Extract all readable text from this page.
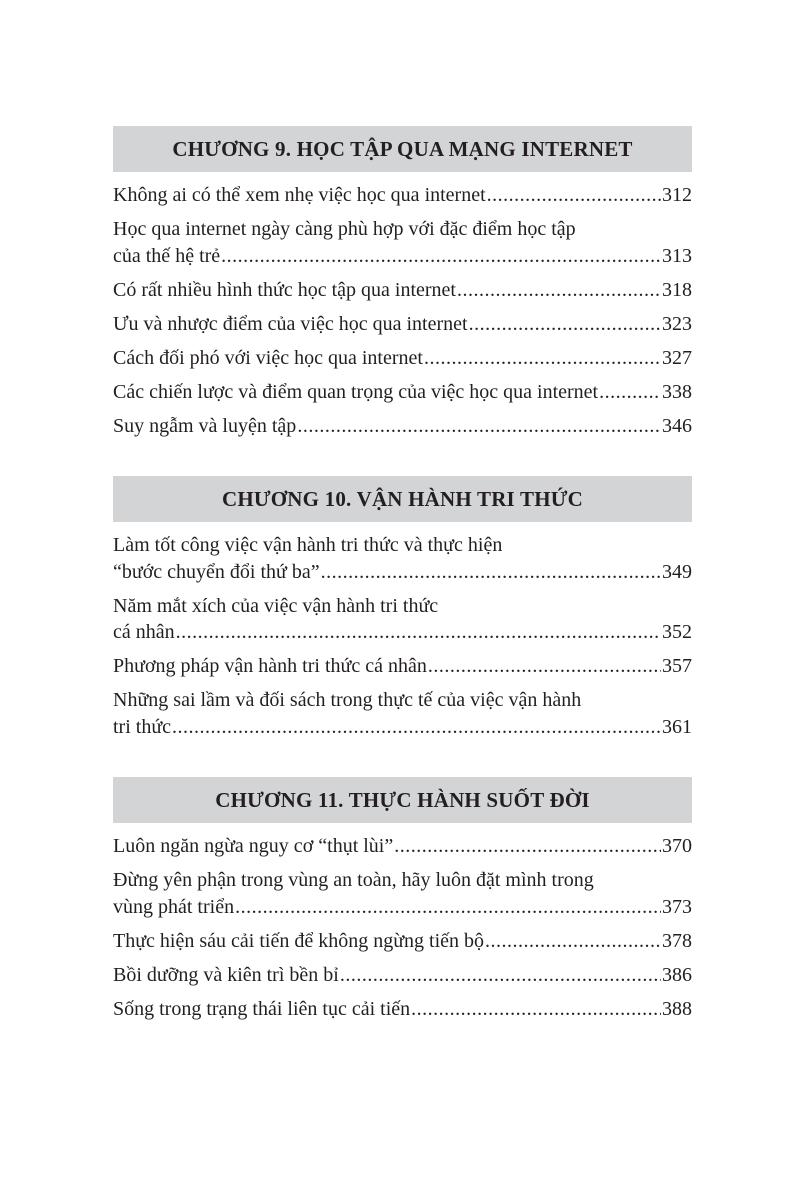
CHƯƠNG 9. HỌC TẬP QUA MẠNG INTERNET
Không ai có thể xem nhẹ việc học qua internet .....	312
Học qua internet ngày càng phù hợp với đặc điểm học tập
của thế hệ trẻ .....	313
Có rất nhiều hình thức học tập qua internet .....	318
Ưu và nhược điểm của việc học qua internet .....	323
Cách đối phó với việc học qua internet .....	327
Các chiến lược và điểm quan trọng của việc học qua internet .....	338
Suy ngẫm và luyện tập .....	346
CHƯƠNG 10. VẬN HÀNH TRI THỨC
Làm tốt công việc vận hành tri thức và thực hiện
“bước chuyển đổi thứ ba” .....	349
Năm mắt xích của việc vận hành tri thức
cá nhân .....	352
Phương pháp vận hành tri thức cá nhân .....	357
Những sai lầm và đối sách trong thực tế của việc vận hành
tri thức .....	361
CHƯƠNG 11. THỰC HÀNH SUỐT ĐỜI
Luôn ngăn ngừa nguy cơ “thụt lùi” .....	370
Đừng yên phận trong vùng an toàn, hãy luôn đặt mình trong
vùng phát triển .....	373
Thực hiện sáu cải tiến để không ngừng tiến bộ .....	378
Bồi dưỡng và kiên trì bền bỉ .....	386
Sống trong trạng thái liên tục cải tiến .....	388
